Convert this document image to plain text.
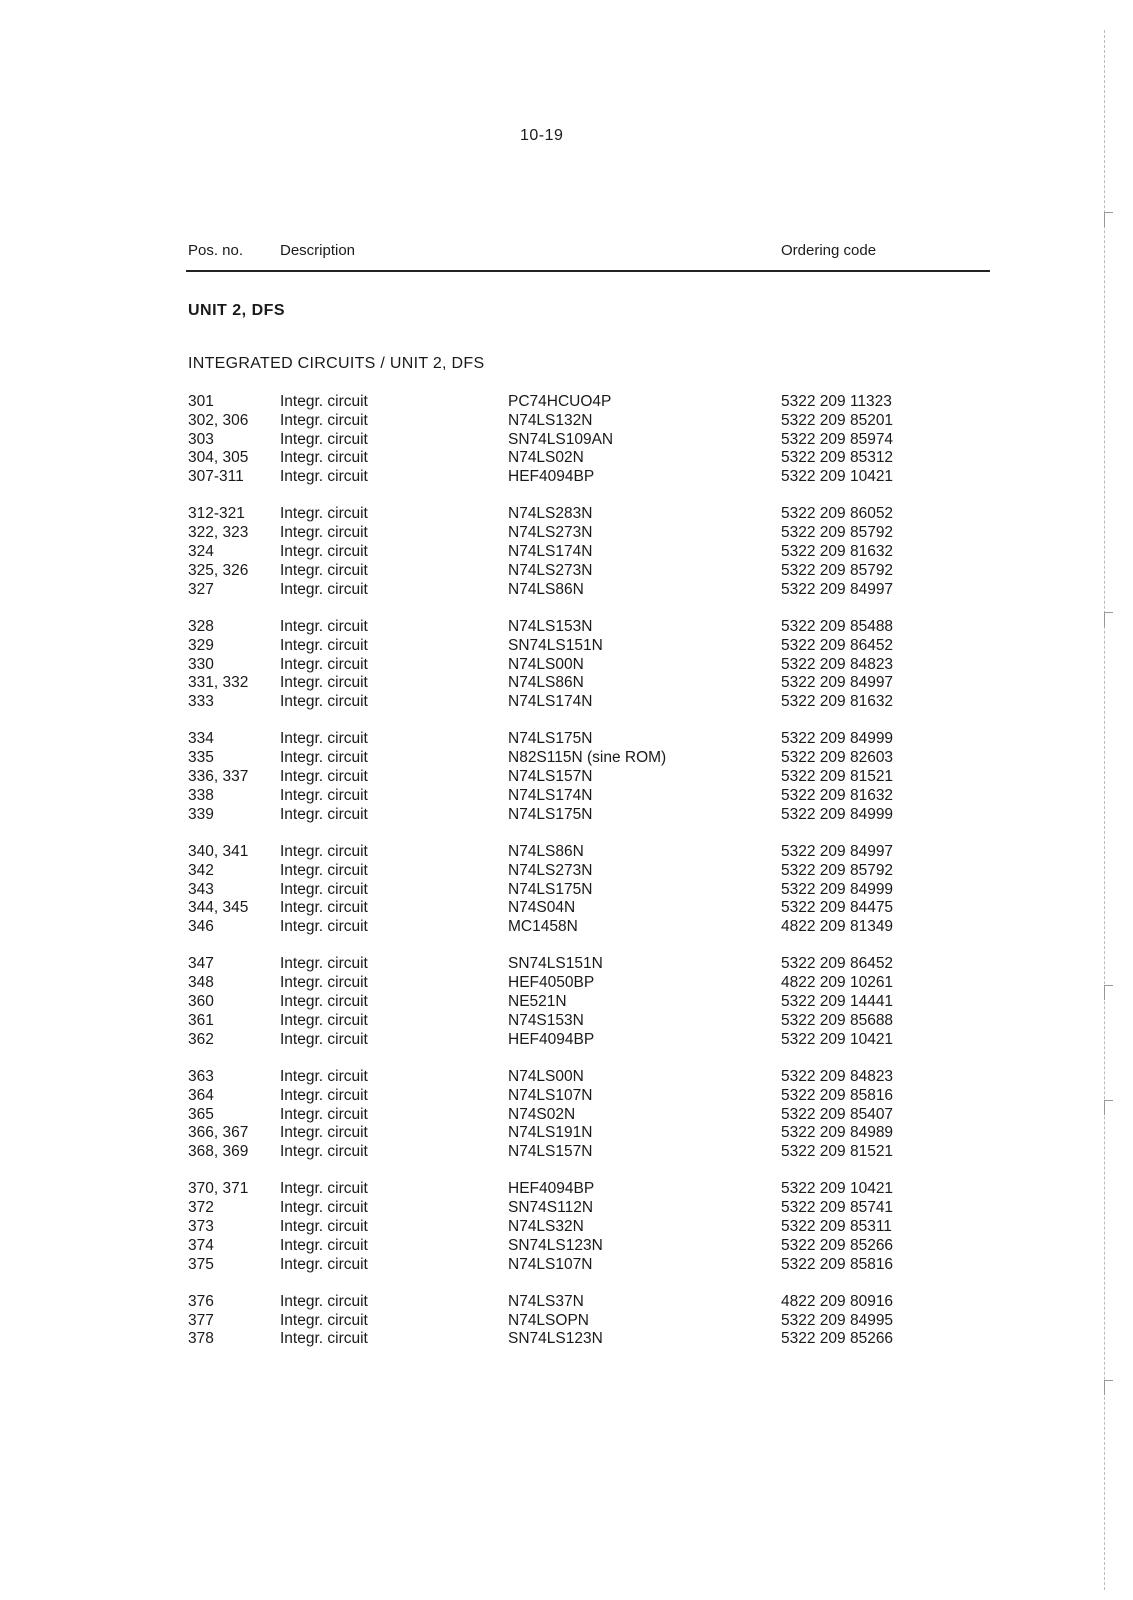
10-19
Pos. no. Description	Ordering code
UNIT 2, DFS
INTEGRATED CIRCUITS / UNIT 2, DFS
301	Integr. circuit	PC74HCUO4P	5322 209 11323
302, 306 Integr. circuit	N74LS132N	5322 209 85201
303	Integr. circuit	SN74LS109AN	5322 209 85974
304, 305 Integr. circuit	N74LS02N	5322 209 85312
307-311 Integr. circuit	HEF4094BP	5322 209 10421
312-321 Integr. circuit	N74LS283N	5322 209 86052
322, 323 Integr. circuit	N74LS273N	5322 209 85792
324	Integr. circuit	N74LS174N	5322 209 81632
325, 326 Integr. circuit	N74LS273N	5322 209 85792
327	Integr. circuit	N74LS86N	5322 209 84997
328	Integr. circuit	N74LS153N	5322 209 85488
329	Integr. circuit	SN74LS151N	5322 209 86452
330	Integr. circuit	N74LS00N	5322 209 84823
331, 332 Integr. circuit	N74LS86N	5322 209 84997
333	Integr. circuit	N74LS174N	5322 209 81632
334	Integr. circuit	N74LS175N	5322 209 84999
335	Integr. circuit	N82S115N (sine ROM)	5322 209 82603
336, 337 Integr. circuit	N74LS157N	5322 209 81521
338	Integr. circuit	N74LS174N	5322 209 81632
339	Integr. circuit	N74LS175N	5322 209 84999
340, 341 Integr. circuit	N74LS86N	5322 209 84997
342	Integr. circuit	N74LS273N	5322 209 85792
343	Integr. circuit	N74LS175N	5322 209 84999
344, 345 Integr. circuit	N74S04N	5322 209 84475
346	Integr. circuit	MC1458N	4822 209 81349
347	Integr. circuit	SN74LS151N	5322 209 86452
348	Integr. circuit	HEF4050BP	4822 209 10261
360	Integr. circuit	NE521N	5322 209 14441
361	Integr. circuit	N74S153N	5322 209 85688
362	Integr. circuit	HEF4094BP	5322 209 10421
363	Integr. circuit	N74LS00N	5322 209 84823
364	Integr. circuit	N74LS107N	5322 209 85816
365	Integr. circuit	N74S02N	5322 209 85407
366, 367 Integr. circuit	N74LS191N	5322 209 84989
368, 369 Integr. circuit	N74LS157N	5322 209 81521
370, 371 Integr. circuit	HEF4094BP	5322 209 10421
372	Integr. circuit	SN74S112N	5322 209 85741
373	Integr. circuit	N74LS32N	5322 209 85311
374	Integr. circuit	SN74LS123N	5322 209 85266
375	Integr. circuit	N74LS107N	5322 209 85816
376	Integr. circuit	N74LS37N	4822 209 80916
377	Integr. circuit	N74LSOPN	5322 209 84995
378	Integr. circuit	SN74LS123N	5322 209 85266
